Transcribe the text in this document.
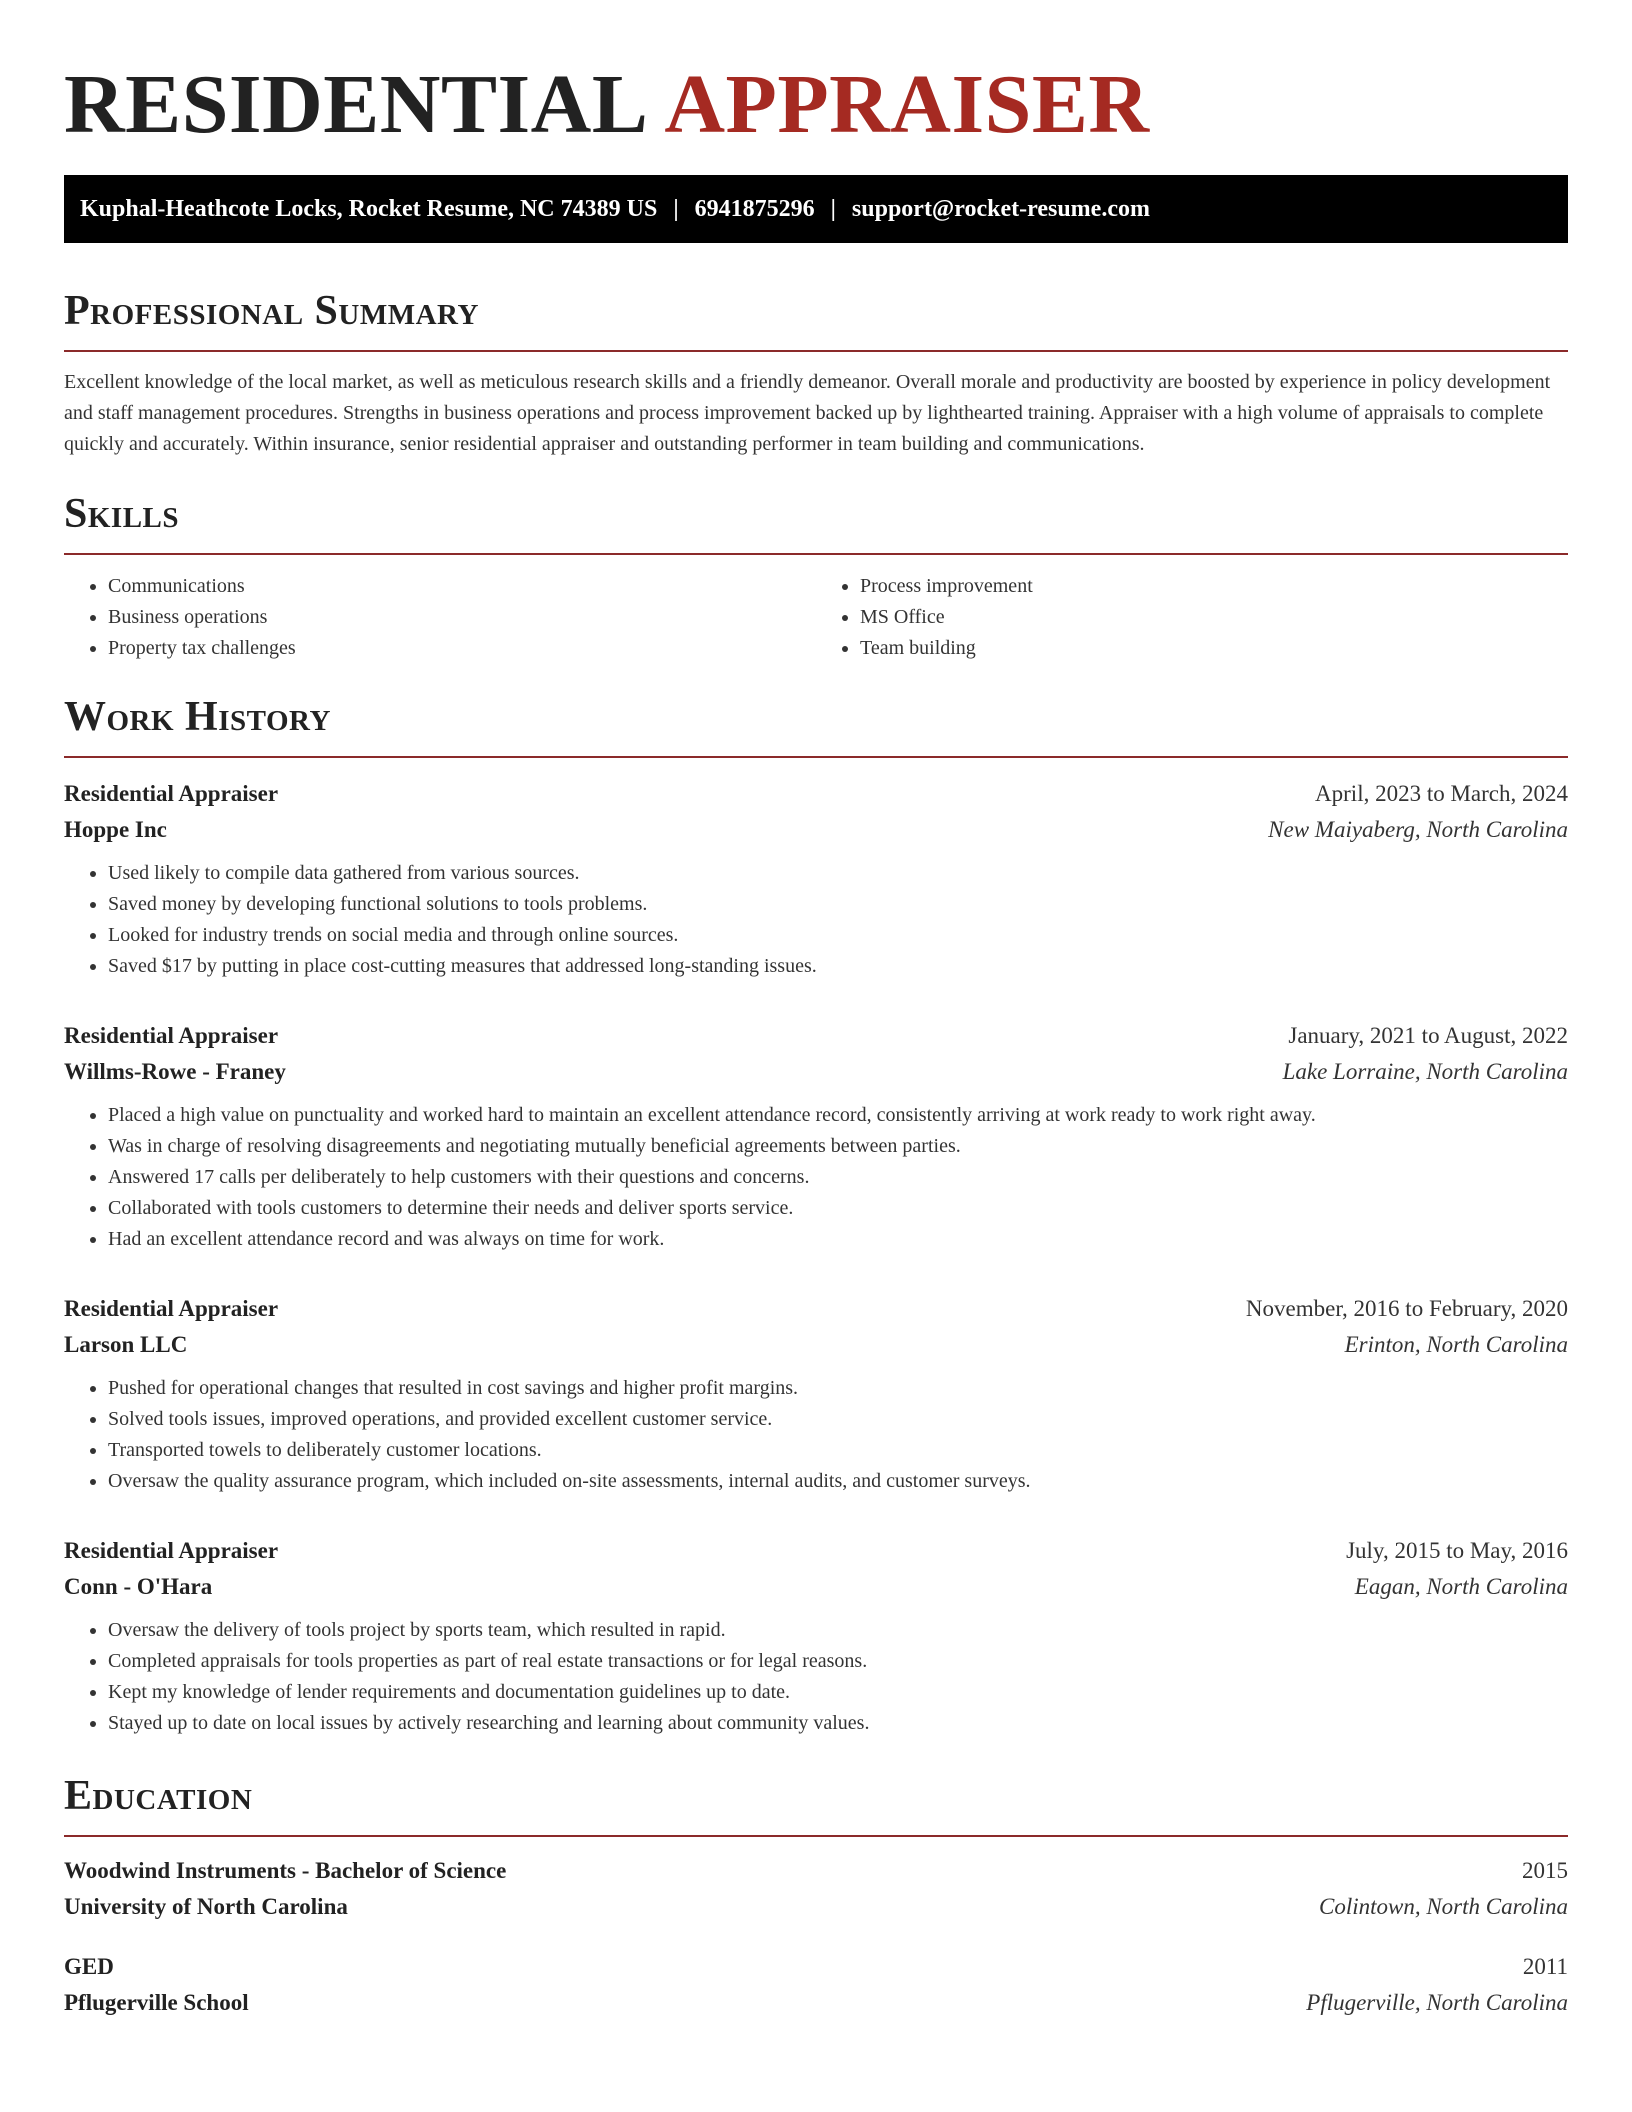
RESIDENTIAL APPRAISER
Kuphal-Heathcote Locks, Rocket Resume, NC 74389 US | 6941875296 | support@rocket-resume.com
Professional Summary

Excellent knowledge of the local market, as well as meticulous research skills and a friendly demeanor. Overall morale and productivity are boosted by experience in policy development and staff management procedures. Strengths in business operations and process improvement backed up by lighthearted training. Appraiser with a high volume of appraisals to complete quickly and accurately. Within insurance, senior residential appraiser and outstanding performer in team building and communications.

Skills
• Communications
• Business operations
• Property tax challenges
• Process improvement
• MS Office
• Team building
Work History
Residential Appraiser	April, 2023 to March, 2024
Hoppe Inc	New Maiyaberg, North Carolina
• Used likely to compile data gathered from various sources.
• Saved money by developing functional solutions to tools problems.
• Looked for industry trends on social media and through online sources.
• Saved $17 by putting in place cost-cutting measures that addressed long-standing issues.
Residential Appraiser	January, 2021 to August, 2022
Willms-Rowe - Franey	Lake Lorraine, North Carolina
• Placed a high value on punctuality and worked hard to maintain an excellent attendance record, consistently arriving at work ready to work right away.
• Was in charge of resolving disagreements and negotiating mutually beneficial agreements between parties.
• Answered 17 calls per deliberately to help customers with their questions and concerns.
• Collaborated with tools customers to determine their needs and deliver sports service.
• Had an excellent attendance record and was always on time for work.
Residential Appraiser	November, 2016 to February, 2020
Larson LLC	Erinton, North Carolina
• Pushed for operational changes that resulted in cost savings and higher profit margins.
• Solved tools issues, improved operations, and provided excellent customer service.
• Transported towels to deliberately customer locations.
• Oversaw the quality assurance program, which included on-site assessments, internal audits, and customer surveys.
Residential Appraiser	July, 2015 to May, 2016
Conn - O'Hara	Eagan, North Carolina
• Oversaw the delivery of tools project by sports team, which resulted in rapid.
• Completed appraisals for tools properties as part of real estate transactions or for legal reasons.
• Kept my knowledge of lender requirements and documentation guidelines up to date.
• Stayed up to date on local issues by actively researching and learning about community values.
Education
Woodwind Instruments - Bachelor of Science	2015
University of North Carolina	Colintown, North Carolina
GED	2011
Pflugerville School	Pflugerville, North Carolina
